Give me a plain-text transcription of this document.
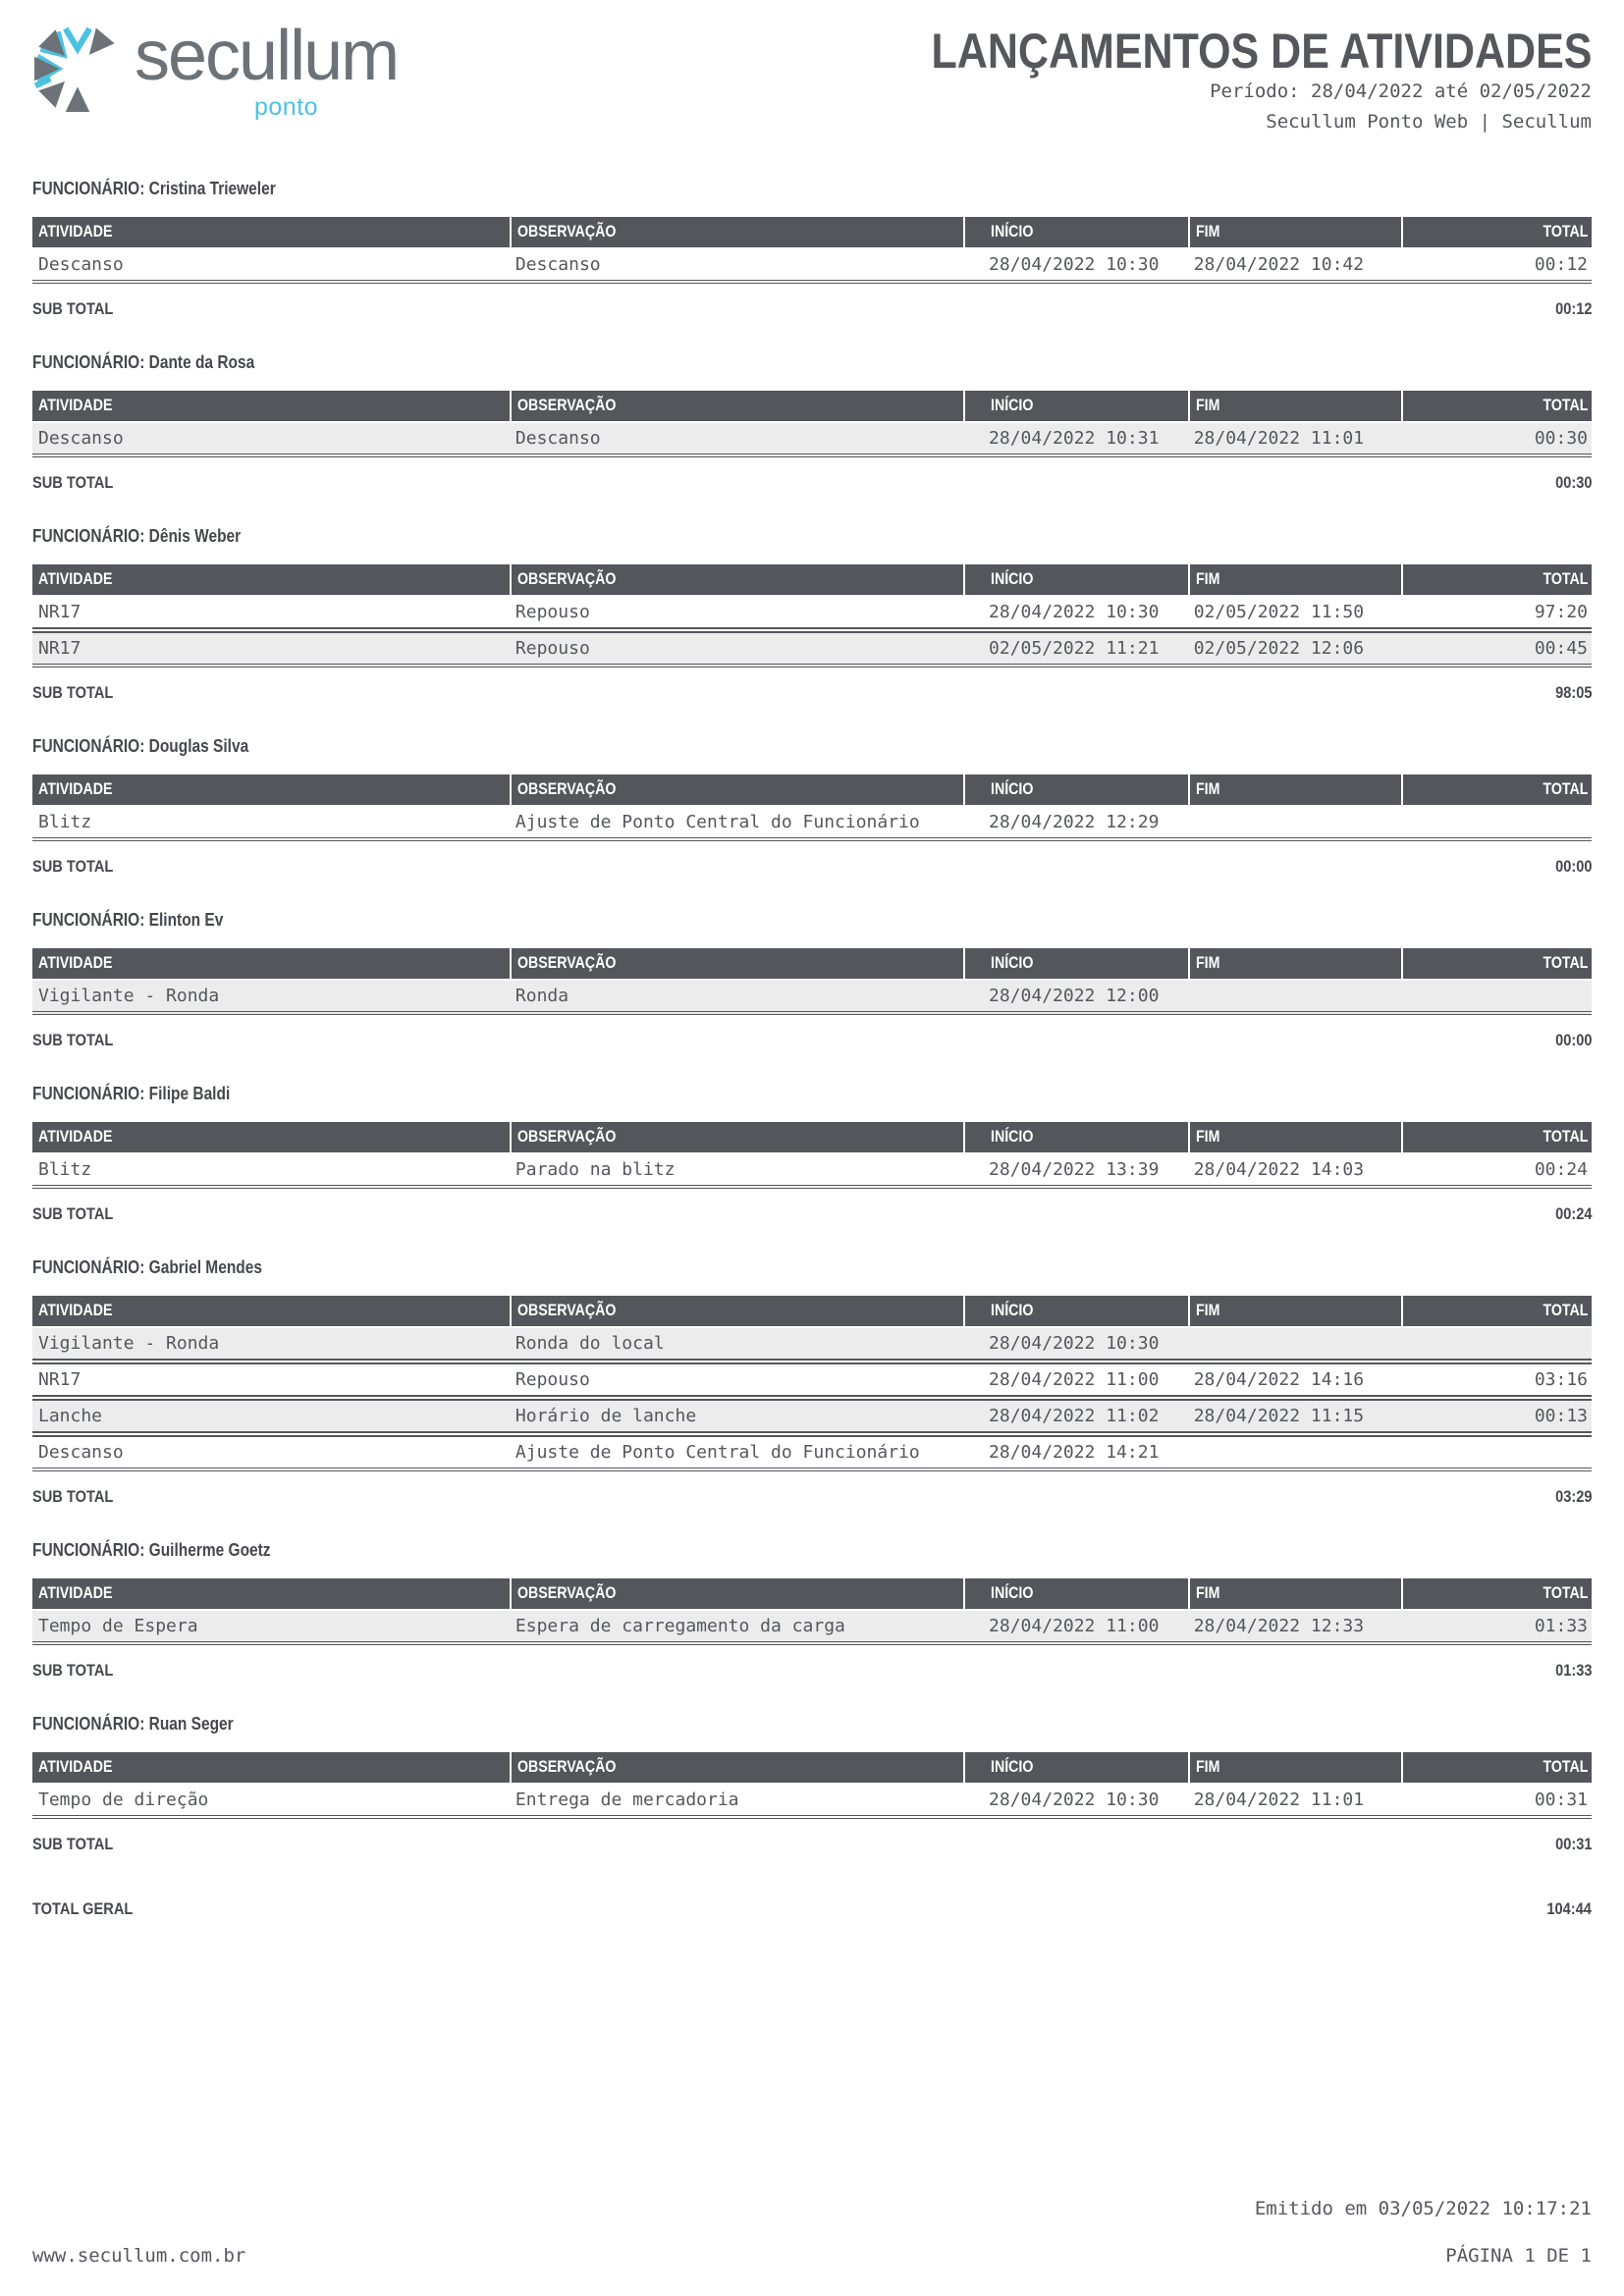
secullum
ponto
LANÇAMENTOS DE ATIVIDADES
Período: 28/04/2022 até 02/05/2022
Secullum Ponto Web | Secullum
FUNCIONÁRIO: Cristina Trieweler
ATIVIDADE	OBSERVAÇÃO	INÍCIO	FIM	TOTAL
Descanso	Descanso	28/04/2022 10:30	28/04/2022 10:42	00:12
SUB TOTAL	00:12
FUNCIONÁRIO: Dante da Rosa
ATIVIDADE	OBSERVAÇÃO	INÍCIO	FIM	TOTAL
Descanso	Descanso	28/04/2022 10:31	28/04/2022 11:01	00:30
SUB TOTAL	00:30
FUNCIONÁRIO: Dênis Weber
ATIVIDADE	OBSERVAÇÃO	INÍCIO	FIM	TOTAL
NR17	Repouso	28/04/2022 10:30	02/05/2022 11:50	97:20
NR17	Repouso	02/05/2022 11:21	02/05/2022 12:06	00:45
SUB TOTAL	98:05
FUNCIONÁRIO: Douglas Silva
ATIVIDADE	OBSERVAÇÃO	INÍCIO	FIM	TOTAL
Blitz	Ajuste de Ponto Central do Funcionário	28/04/2022 12:29		
SUB TOTAL	00:00
FUNCIONÁRIO: Elinton Ev
ATIVIDADE	OBSERVAÇÃO	INÍCIO	FIM	TOTAL
Vigilante - Ronda	Ronda	28/04/2022 12:00		
SUB TOTAL	00:00
FUNCIONÁRIO: Filipe Baldi
ATIVIDADE	OBSERVAÇÃO	INÍCIO	FIM	TOTAL
Blitz	Parado na blitz	28/04/2022 13:39	28/04/2022 14:03	00:24
SUB TOTAL	00:24
FUNCIONÁRIO: Gabriel Mendes
ATIVIDADE	OBSERVAÇÃO	INÍCIO	FIM	TOTAL
Vigilante - Ronda	Ronda do local	28/04/2022 10:30		
NR17	Repouso	28/04/2022 11:00	28/04/2022 14:16	03:16
Lanche	Horário de lanche	28/04/2022 11:02	28/04/2022 11:15	00:13
Descanso	Ajuste de Ponto Central do Funcionário	28/04/2022 14:21		
SUB TOTAL	03:29
FUNCIONÁRIO: Guilherme Goetz
ATIVIDADE	OBSERVAÇÃO	INÍCIO	FIM	TOTAL
Tempo de Espera	Espera de carregamento da carga	28/04/2022 11:00	28/04/2022 12:33	01:33
SUB TOTAL	01:33
FUNCIONÁRIO: Ruan Seger
ATIVIDADE	OBSERVAÇÃO	INÍCIO	FIM	TOTAL
Tempo de direção	Entrega de mercadoria	28/04/2022 10:30	28/04/2022 11:01	00:31
SUB TOTAL	00:31
TOTAL GERAL	104:44
Emitido em 03/05/2022 10:17:21
www.secullum.com.br	PÁGINA 1 DE 1
